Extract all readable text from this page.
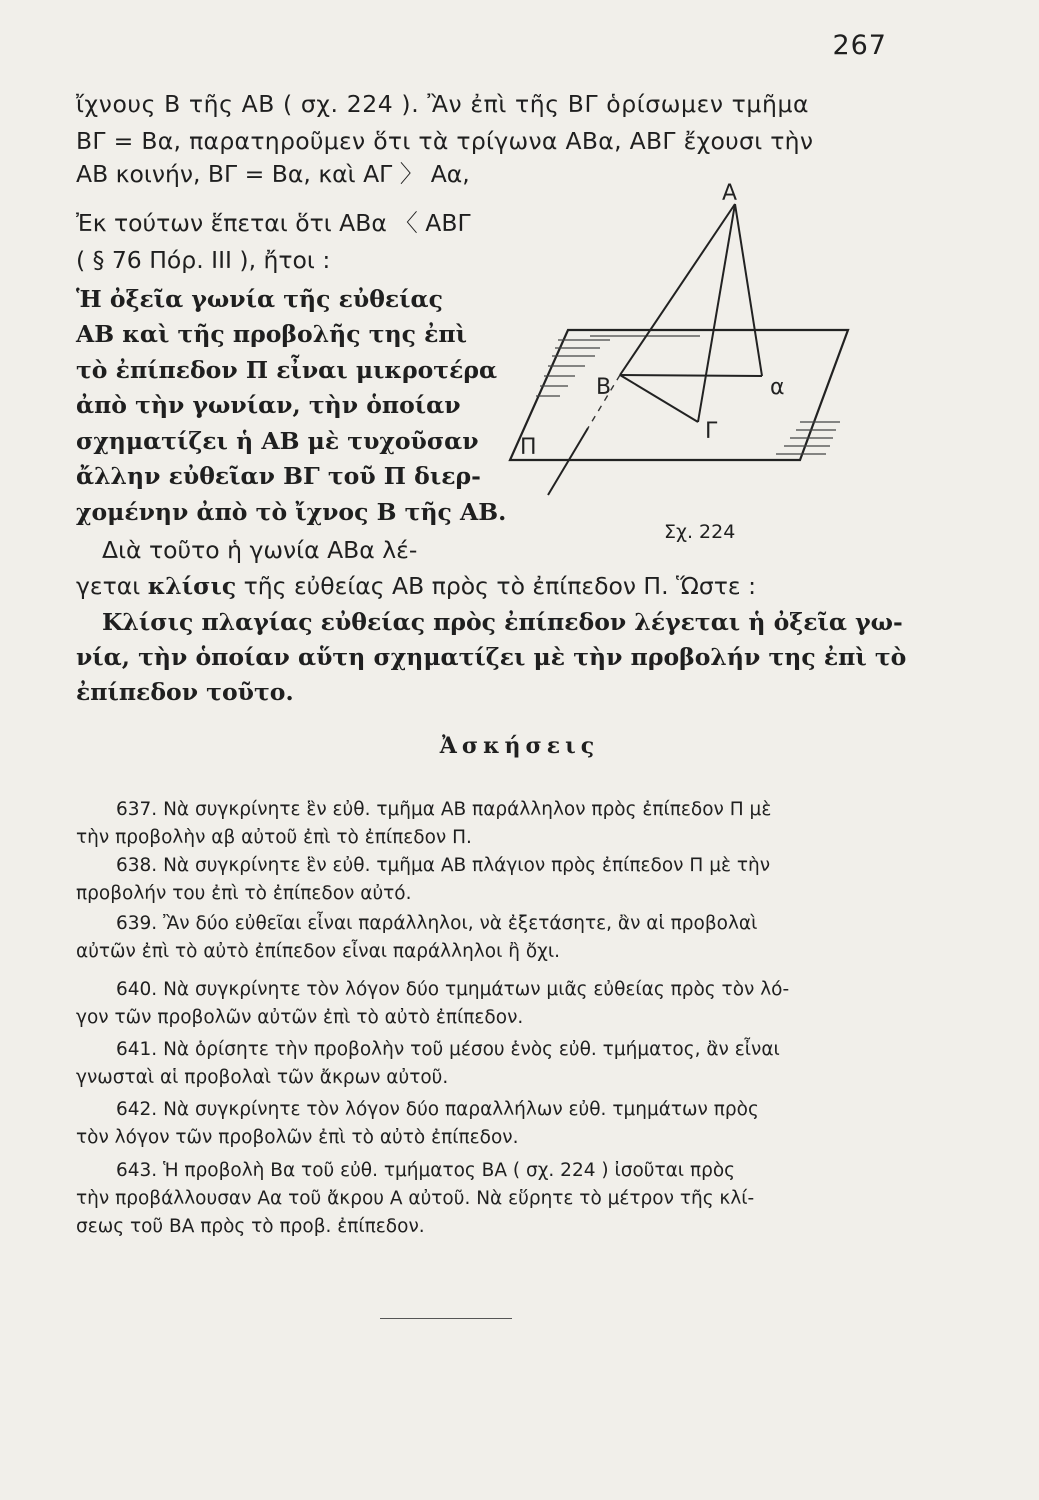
267
ἴχνους Β τῆς ΑΒ ( σχ. 224 ). Ἂν ἐπὶ τῆς ΒΓ ὁρίσωμεν τμῆμα
ΒΓ = Βα, παρατηροῦμεν ὅτι τὰ τρίγωνα ΑΒα, ΑΒΓ ἔχουσι τὴν
ΑΒ κοινήν, ΒΓ = Βα, καὶ ΑΓ 〉 Αα,
Ἐκ τούτων ἕπεται ὅτι ΑΒα 〈 ΑΒΓ
( § 76 Πόρ. ΙΙΙ ), ἤτοι :
Ἡ ὀξεῖα γωνία τῆς εὐθείας
ΑΒ καὶ τῆς προβολῆς της ἐπὶ
τὸ ἐπίπεδον Π εἶναι μικροτέρα
ἀπὸ τὴν γωνίαν, τὴν ὁποίαν
σχηματίζει ἡ ΑΒ μὲ τυχοῦσαν
ἄλλην εὐθεῖαν ΒΓ τοῦ Π διερ-
χομένην ἀπὸ τὸ ἴχνος Β τῆς ΑΒ.
Διὰ τοῦτο ἡ γωνία ΑΒα λέ-
γεται κλίσις τῆς εὐθείας ΑΒ πρὸς τὸ ἐπίπεδον Π. Ὥστε :
Κλίσις πλαγίας εὐθείας πρὸς ἐπίπεδον λέγεται ἡ ὀξεῖα γω-
νία, τὴν ὁποίαν αὕτη σχηματίζει μὲ τὴν προβολήν της ἐπὶ τὸ
ἐπίπεδον τοῦτο.
Ἀσκήσεις
637. Νὰ συγκρίνητε ἓν εὐθ. τμῆμα ΑΒ παράλληλον πρὸς ἐπίπεδον Π μὲ
τὴν προβολὴν αβ αὐτοῦ ἐπὶ τὸ ἐπίπεδον Π.
638. Νὰ συγκρίνητε ἓν εὐθ. τμῆμα ΑΒ πλάγιον πρὸς ἐπίπεδον Π μὲ τὴν
προβολήν του ἐπὶ τὸ ἐπίπεδον αὐτό.
639. Ἂν δύο εὐθεῖαι εἶναι παράλληλοι, νὰ ἐξετάσητε, ἂν αἱ προβολαὶ
αὐτῶν ἐπὶ τὸ αὐτὸ ἐπίπεδον εἶναι παράλληλοι ἢ ὄχι.
640. Νὰ συγκρίνητε τὸν λόγον δύο τμημάτων μιᾶς εὐθείας πρὸς τὸν λό-
γον τῶν προβολῶν αὐτῶν ἐπὶ τὸ αὐτὸ ἐπίπεδον.
641. Νὰ ὁρίσητε τὴν προβολὴν τοῦ μέσου ἑνὸς εὐθ. τμήματος, ἂν εἶναι
γνωσταὶ αἱ προβολαὶ τῶν ἄκρων αὐτοῦ.
642. Νὰ συγκρίνητε τὸν λόγον δύο παραλλήλων εὐθ. τμημάτων πρὸς
τὸν λόγον τῶν προβολῶν ἐπὶ τὸ αὐτὸ ἐπίπεδον.
643. Ἡ προβολὴ Βα τοῦ εὐθ. τμήματος ΒΑ ( σχ. 224 ) ἰσοῦται πρὸς
τὴν προβάλλουσαν Αα τοῦ ἄκρου Α αὐτοῦ. Νὰ εὕρητε τὸ μέτρον τῆς κλί-
σεως τοῦ ΒΑ πρὸς τὸ προβ. ἐπίπεδον.
Α
Β	α
Γ
Π
Σχ. 224
